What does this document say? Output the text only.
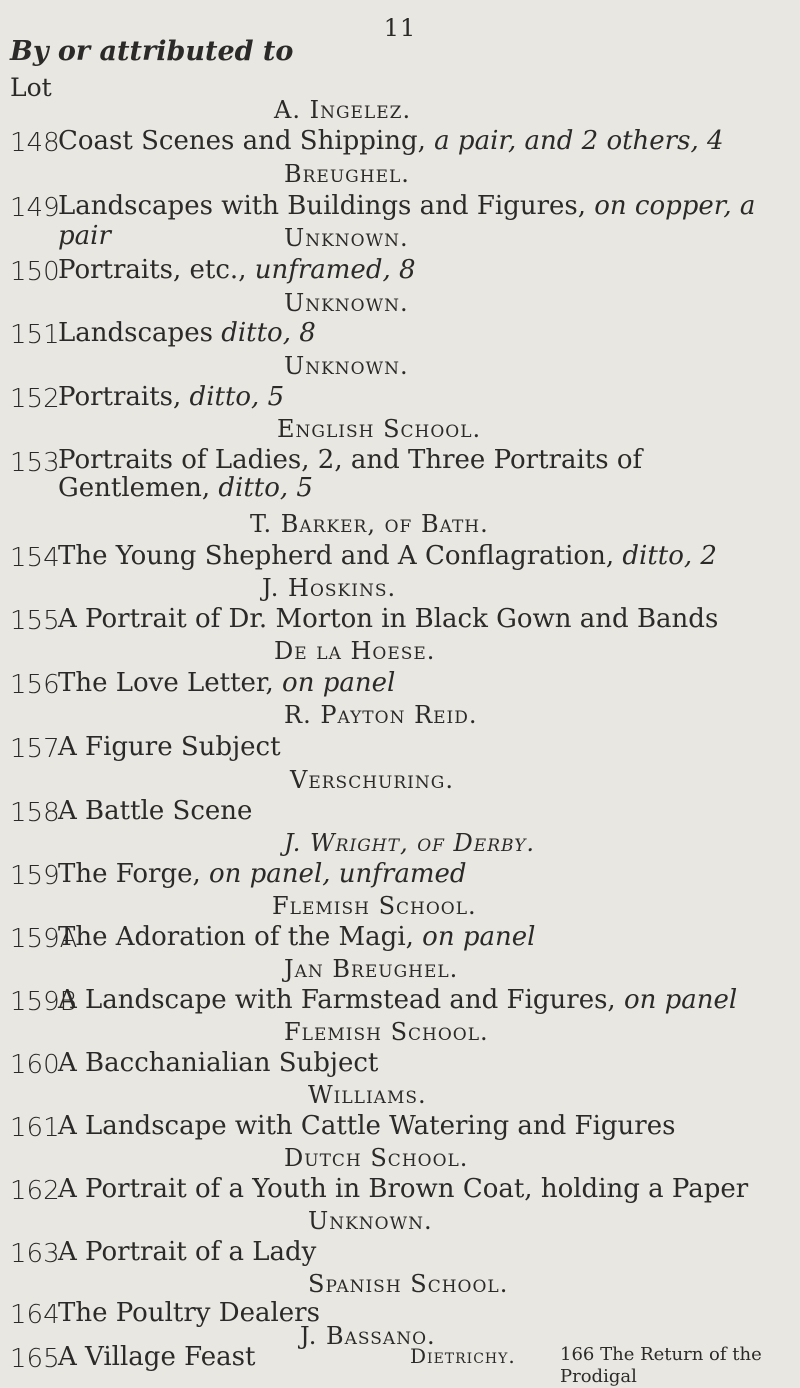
11
By or attributed to
Lot
A. Ingelez.
148
Coast Scenes and Shipping, a pair, and 2 others, 4
Breughel.
149
Landscapes with Buildings and Figures, on copper, a pair	Unknown.
150
Portraits, etc., unframed, 8
Unknown.
151
Landscapes ditto, 8
Unknown.
152
Portraits, ditto, 5
English School.
153
Portraits of Ladies, 2, and Three Portraits of Gentlemen, ditto, 5
T. Barker, of Bath.
154
The Young Shepherd and A Conflagration, ditto, 2
J. Hoskins.
155
A Portrait of Dr. Morton in Black Gown and Bands
De la Hoese.
156
The Love Letter, on panel
R. Payton Reid.
157
A Figure Subject
Verschuring.
158
A Battle Scene
J. Wright, of Derby.
159
The Forge, on panel, unframed
Flemish School.
159A
The Adoration of the Magi, on panel
Jan Breughel.
159B
A Landscape with Farmstead and Figures, on panel
Flemish School.
160
A Bacchanialian Subject
Williams.
161
A Landscape with Cattle Watering and Figures
Dutch School.
162
A Portrait of a Youth in Brown Coat, holding a Paper
Unknown.
163
A Portrait of a Lady
Spanish School.
164
The Poultry Dealers
J. Bassano.
165
A Village Feast	Dietrichy. 166 The Return of the Prodigal
